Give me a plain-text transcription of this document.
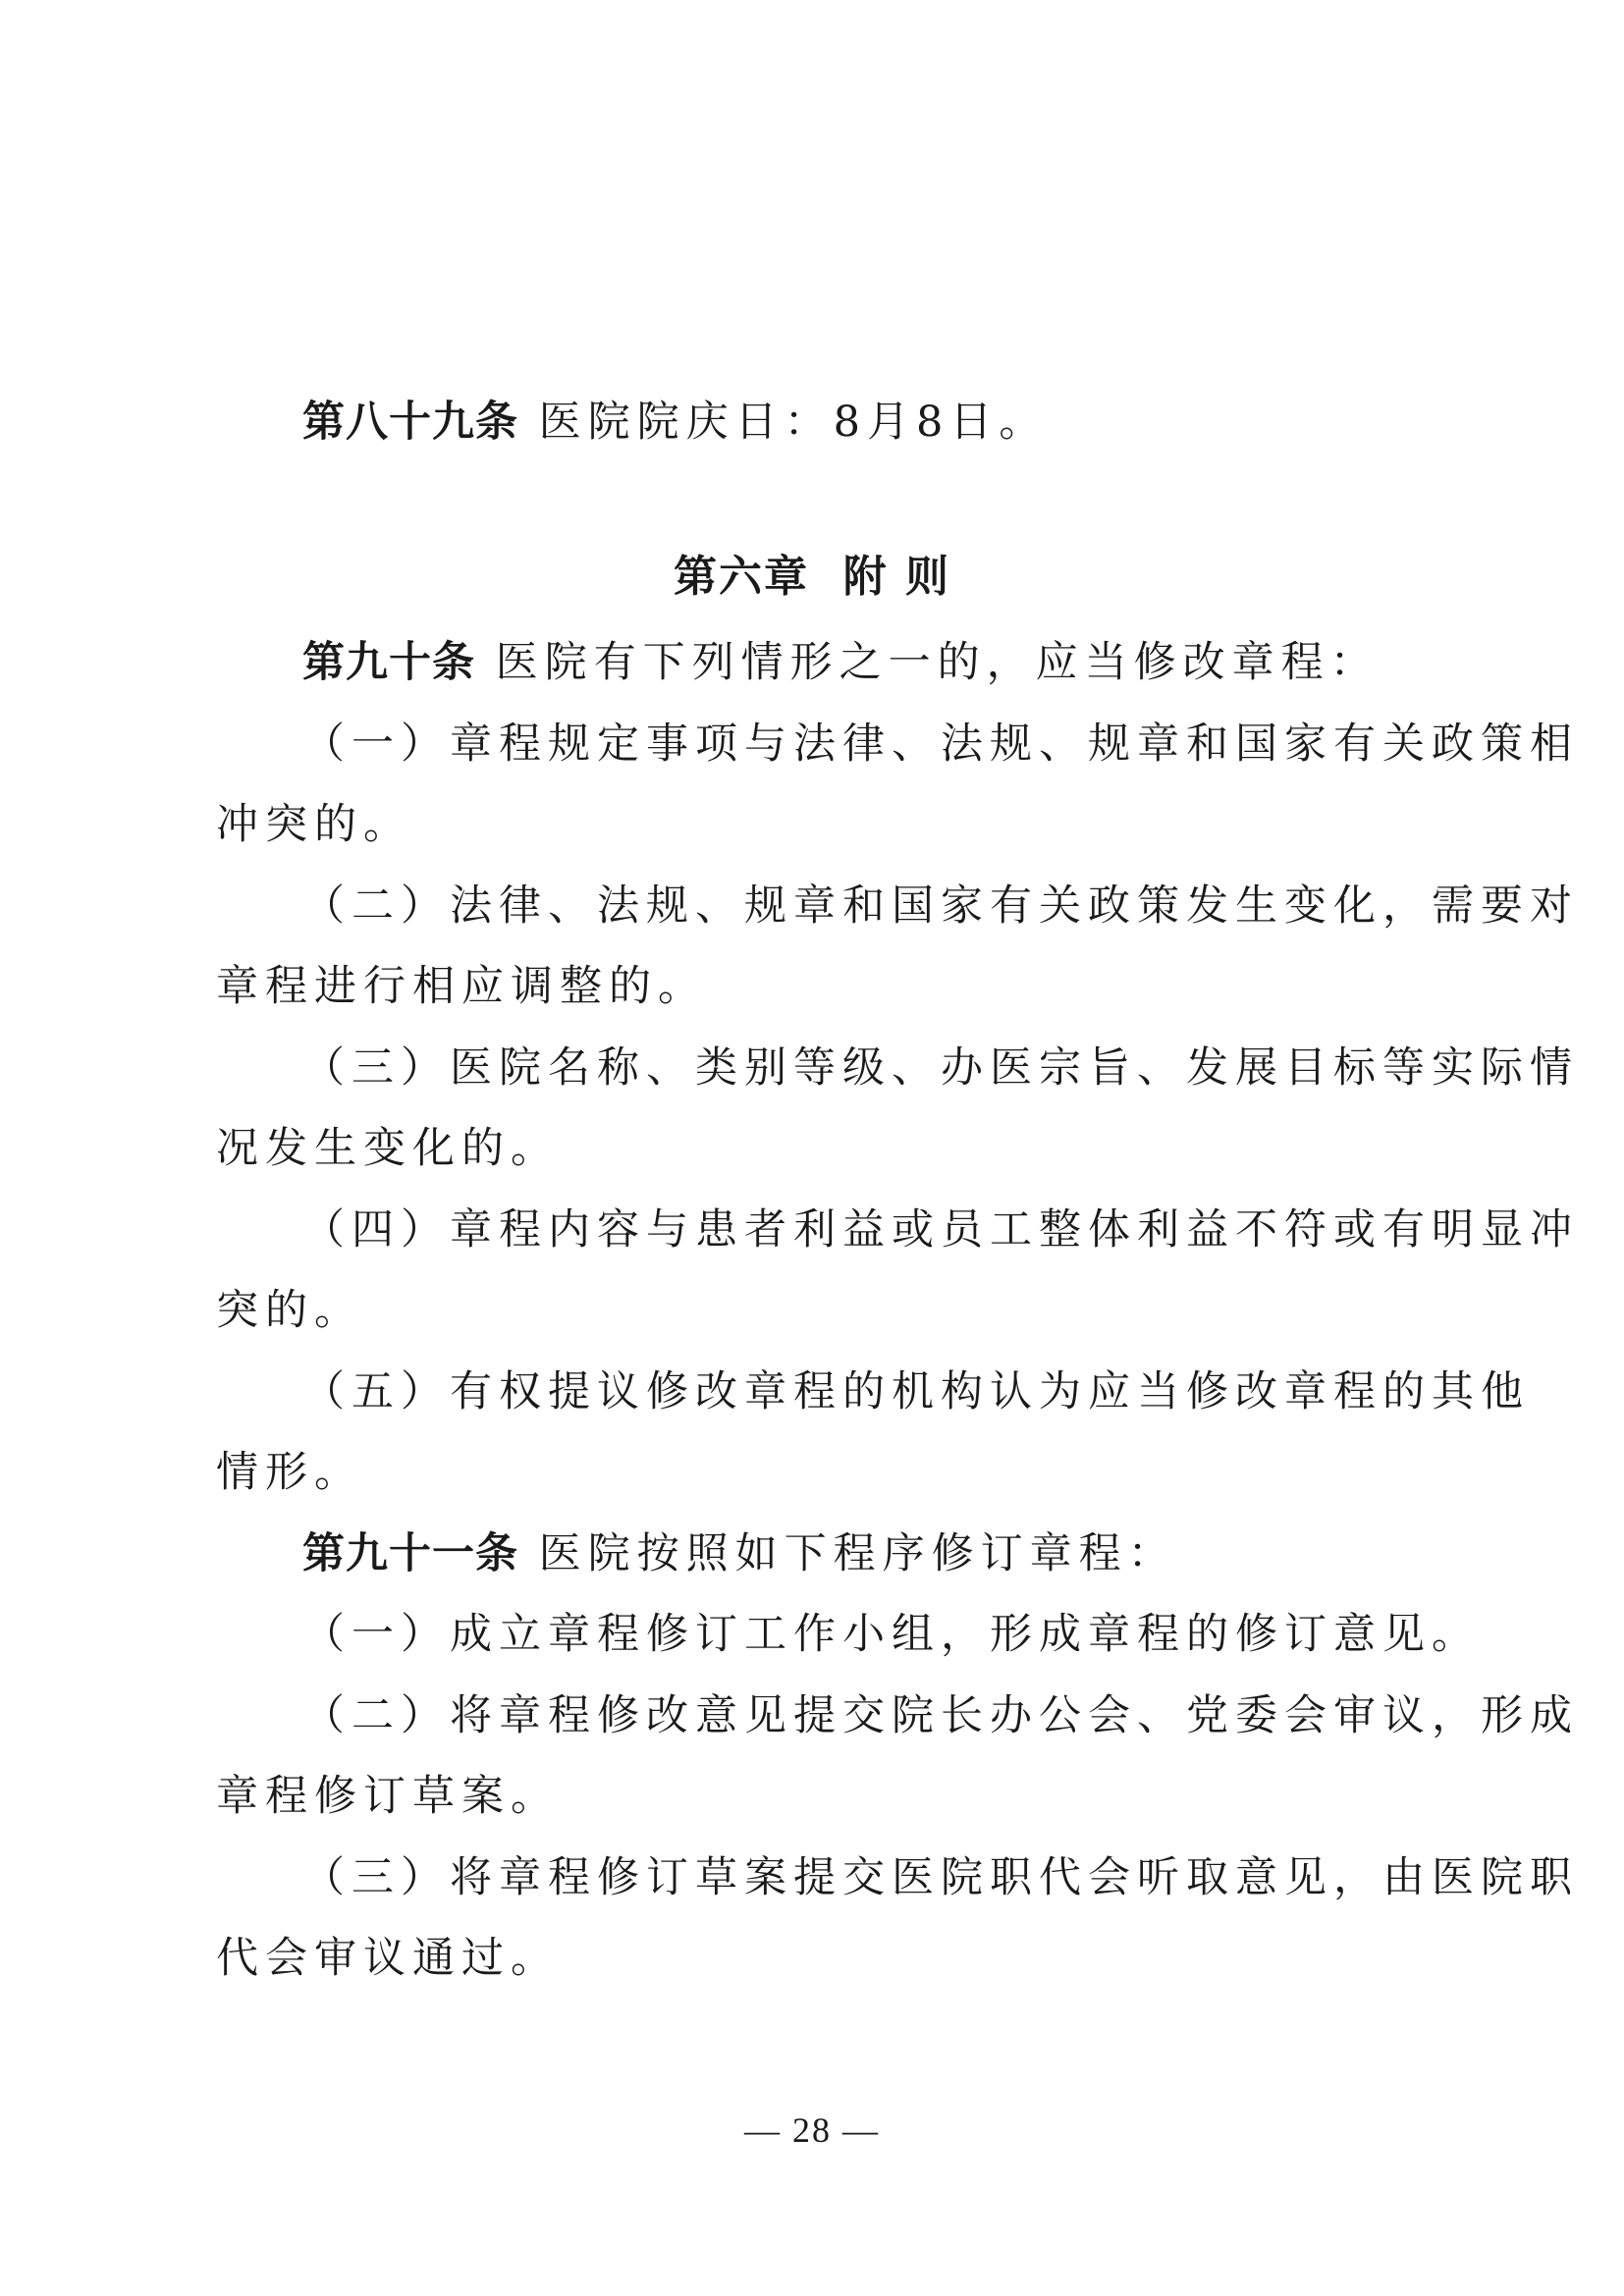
第八十九条 医院院庆日：8月8日。
第六章  附 则
第九十条 医院有下列情形之一的，应当修改章程：
（一）章程规定事项与法律、法规、规章和国家有关政策相
冲突的。
（二）法律、法规、规章和国家有关政策发生变化，需要对
章程进行相应调整的。
（三）医院名称、类别等级、办医宗旨、发展目标等实际情
况发生变化的。
（四）章程内容与患者利益或员工整体利益不符或有明显冲
突的。
（五）有权提议修改章程的机构认为应当修改章程的其他
情形。
第九十一条 医院按照如下程序修订章程：
（一）成立章程修订工作小组，形成章程的修订意见。
（二）将章程修改意见提交院长办公会、党委会审议，形成
章程修订草案。
（三）将章程修订草案提交医院职代会听取意见，由医院职
代会审议通过。
— 28 —
